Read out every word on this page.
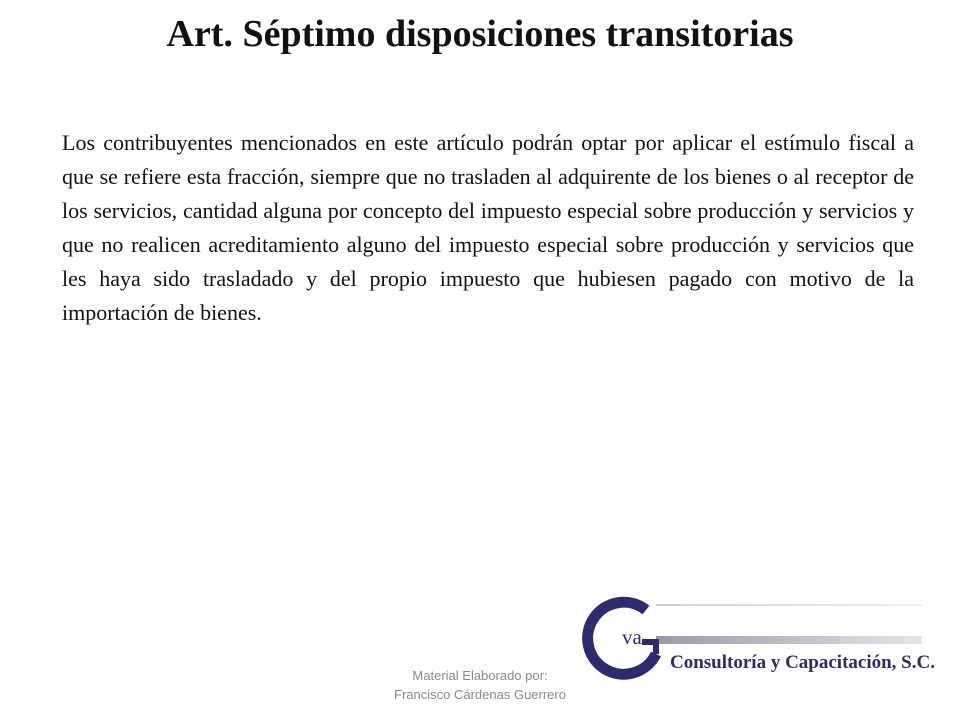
Art. Séptimo disposiciones transitorias
Los contribuyentes mencionados en este artículo podrán optar por aplicar el estímulo fiscal a que se refiere esta fracción, siempre que no trasladen al adquirente de los bienes o al receptor de los servicios, cantidad alguna por concepto del impuesto especial sobre producción y servicios y que no realicen acreditamiento alguno del impuesto especial sobre producción y servicios que les haya sido trasladado y del propio impuesto que hubiesen pagado con motivo de la importación de bienes.
Material Elaborado por:
Francisco Cárdenas Guerrero
va
Consultoría y Capacitación, S.C.
